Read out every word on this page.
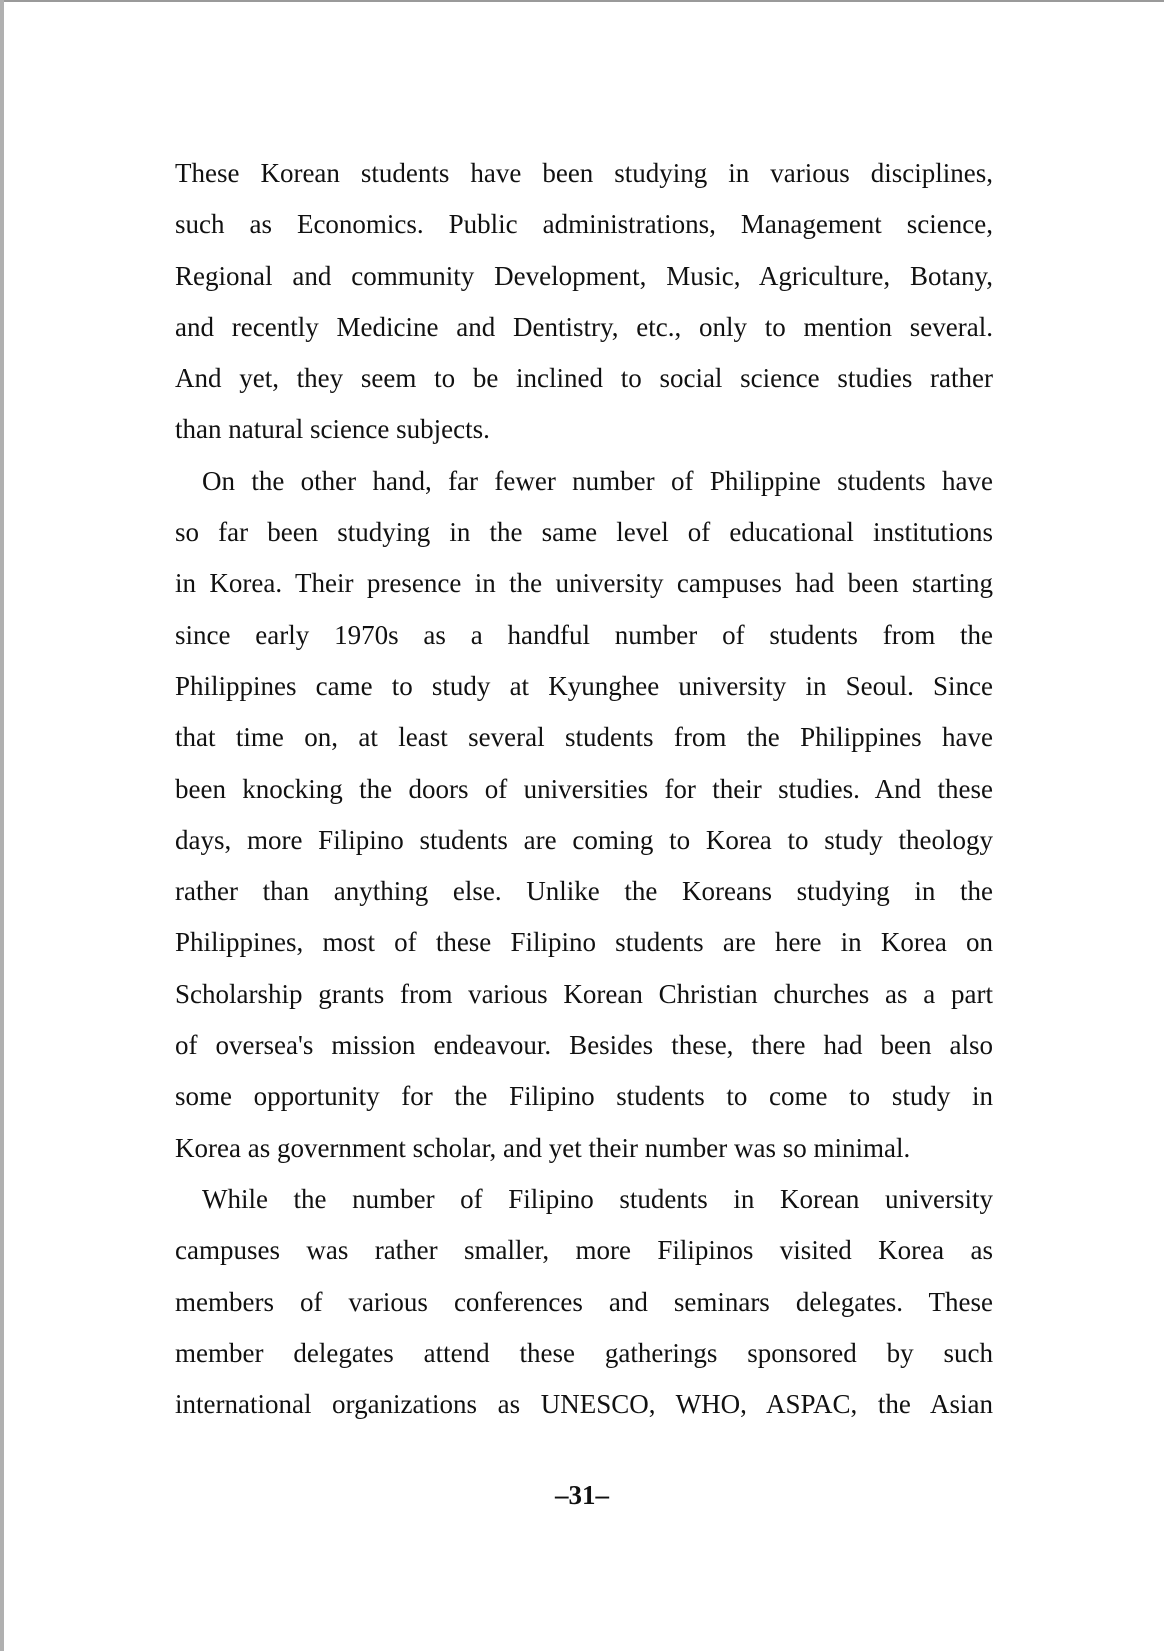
These Korean students have been studying in various disciplines,
such as Economics. Public administrations, Management science,
Regional and community Development, Music, Agriculture, Botany,
and recently Medicine and Dentistry, etc., only to mention several.
And yet, they seem to be inclined to social science studies rather
than natural science subjects.
On the other hand, far fewer number of Philippine students have
so far been studying in the same level of educational institutions
in Korea. Their presence in the university campuses had been starting
since early 1970s as a handful number of students from the
Philippines came to study at Kyunghee university in Seoul. Since
that time on, at least several students from the Philippines have
been knocking the doors of universities for their studies. And these
days, more Filipino students are coming to Korea to study theology
rather than anything else. Unlike the Koreans studying in the
Philippines, most of these Filipino students are here in Korea on
Scholarship grants from various Korean Christian churches as a part
of oversea's mission endeavour. Besides these, there had been also
some opportunity for the Filipino students to come to study in
Korea as government scholar, and yet their number was so minimal.
While the number of Filipino students in Korean university
campuses was rather smaller, more Filipinos visited Korea as
members of various conferences and seminars delegates. These
member delegates attend these gatherings sponsored by such
international organizations as UNESCO, WHO, ASPAC, the Asian
–31–
